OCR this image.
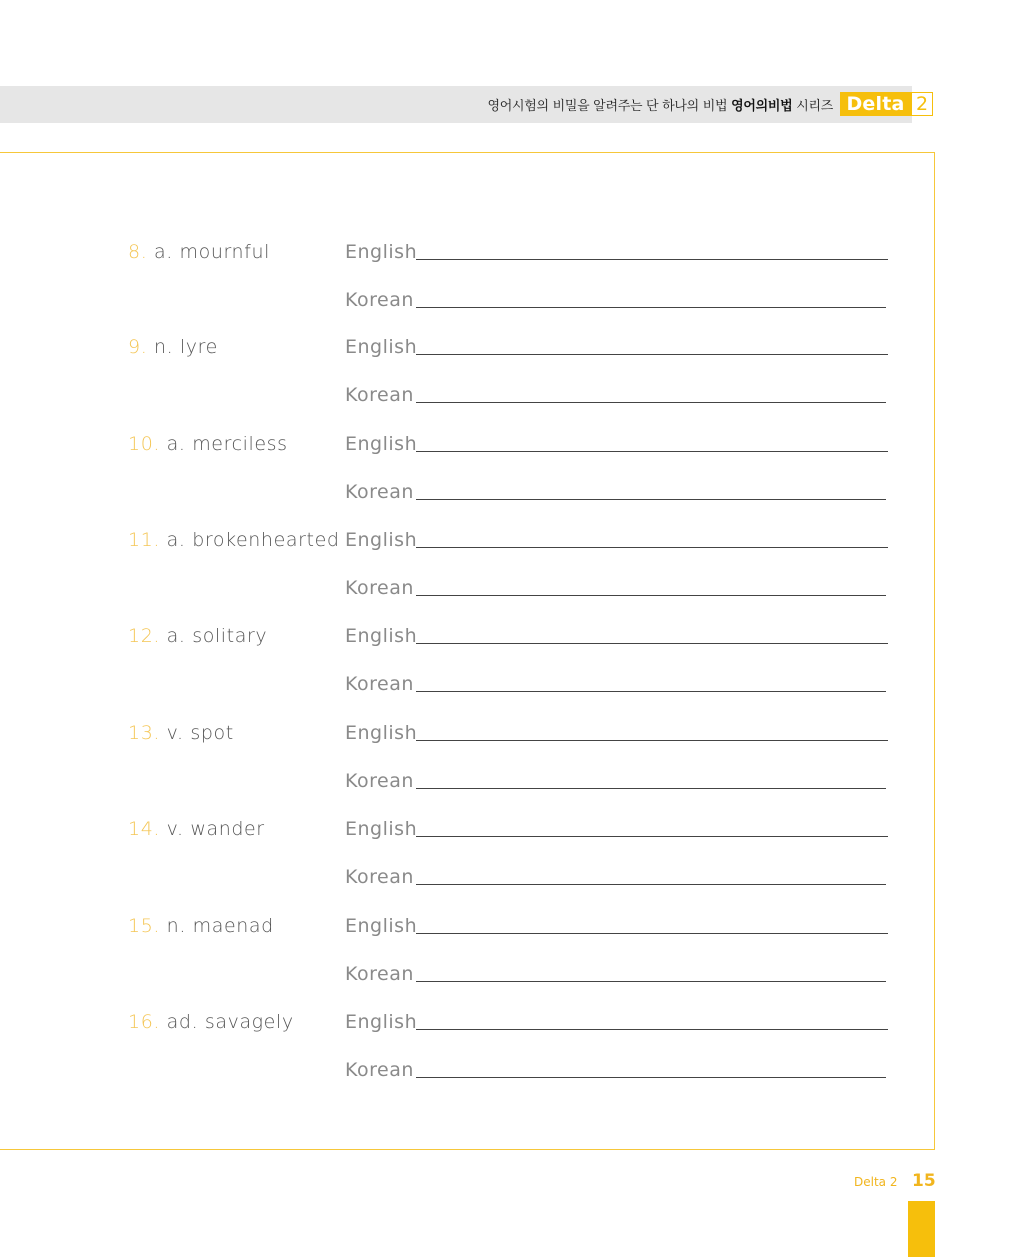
영어시험의 비밀을 알려주는 단 하나의 비법 영어의비법 시리즈 Delta 2
8. a. mournful	English
Korean
9. n. lyre	English
Korean
10. a. merciless	English
Korean
11. a. brokenhearted English
Korean
12. a. solitary	English
Korean
13. v. spot	English
Korean
14. v. wander	English
Korean
15. n. maenad	English
Korean
16. ad. savagely	English
Korean
Delta 2 15
